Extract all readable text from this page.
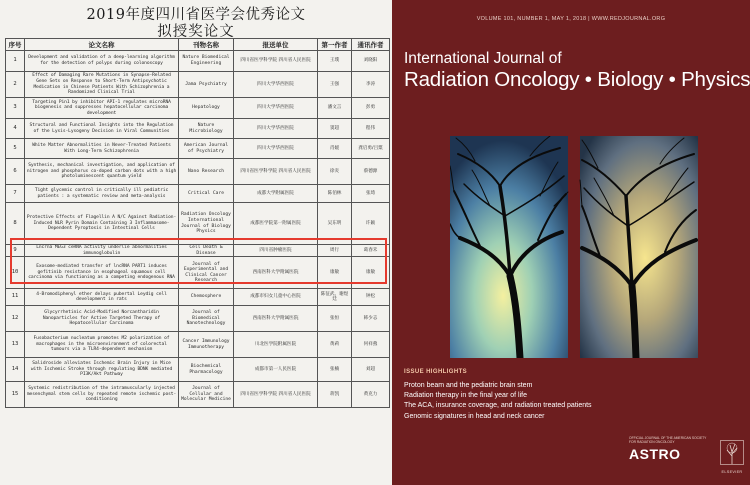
2019年度四川省医学会优秀论文
拟授奖论文
序号	论文名称	刊物名称	报送单位	第一作者	通讯作者
1	Development and validation of a deep-learning algorithm for the detection of polyps during colonoscopy	Nature Biomedical Engineering	四川省医学科学院 四川省人民医院	王璞	刘晓阳
2	Effect of Damaging Rare Mutations in Synapse-Related Gene Sets on Response to Short-Term Antipsychotic Medication in Chinese Patients With Schizophrenia a Randomized Clinical Trial	Jama Psychiatry	四川大学华西医院	王强	李涛
3	Targeting Pin1 by inhibitor API-1 regulates microRNA biogenesis and suppresses hepatocellular carcinoma development	Hepatology	四川大学华西医院	潘文言	彭勇
4	Structural and Functional Insights into the Regulation of the Lysis-Lysogeny Decision in Viral Communities	Nature Microbiology	四川大学华西医院	窦超	程伟
5	White Matter Abnormalities in Never-Treated Patients With Long-Term Schizophrenia	American Journal of Psychiatry	四川大学华西医院	肖媛	龚启勇/吕粟
6	Synthesis, mechanical investigation, and application of nitrogen and phosphorus co-doped carbon dots with a high photoluminescent quantum yield	Nano Research	四川省医学科学院 四川省人民医院	徐炎	蔡德源
7	Tight glycemic control in critically ill pediatric patients : a systematic review and meta-analysis	Critical Care	成都大学附属医院	陈佰林	张琦
8	Protective Effects of Flagellin A N/C Against Radiation-Induced NLR Pyrin Domain Containing 3 Inflammasome-Dependent Pyroptosis in Intestinal Cells	Radiation Oncology International Journal of Biology Physics	成都医学院第一附属医院	吴东明	许颖
9	Lncrna MEG3 ceRNA activity underlie abnormalities immunoglobulin	Cell Death & Disease	四川省肿瘤医院	周行	葛春禾
10	Exosome-mediated transfer of lncRNA PART1 induces gefitinib resistance in esophageal squamous cell carcinoma via functioning as a competing endogenous RNA	Journal of Experimental and Clinical Cancer Research	西南医科大学附属医院	康敏	康敏
11	4-Bromodiphenyl ether delays pubertal Leydig cell development in rats	Chemosphere	成都市妇女儿童中心医院	陈征武、谢煜廷	钟松
12	Glycyrrhetinic Acid-Modified Norcantharidin Nanoparticles for Active Targeted Therapy of Hepatocellular Carcinoma	Journal of Biomedical Nanotechnology	西南医科大学附属医院	张恒	韩少志
13	Fusobacterium nucleatum promotes M2 polarization of macrophages in the microenvironment of colorectal tumours via a TLR4-dependent mechanism	Cancer Immunology Immunotherapy	川北医学院附属医院	黄莉	何祥燕
14	Salidroside alleviates Ischemic Brain Injury in Mice with Ischemic Stroke through regulating BDNK mediated PI3K/Akt Pathway	Biochemical Pharmacology	成都市第一人民医院	张楠	刘超
15	Systemic redistribution of the intramuscularly injected mesenchymal stem cells by repeated remote ischemic post-conditioning	Journal of Cellular and Molecular Medicine	四川省医学科学院 四川省人民医院	蒋凯	黄克力
VOLUME 101, NUMBER 1, MAY 1, 2018 | WWW.REDJOURNAL.ORG
International Journal of
Radiation Oncology • Biology • Physics
ISSUE HIGHLIGHTS
Proton beam and the pediatric brain stem
Radiation therapy in the final year of life
The ACA, insurance coverage, and radiation treated patients
Genomic signatures in head and neck cancer
OFFICIAL JOURNAL OF THE AMERICAN SOCIETY FOR RADIATION ONCOLOGY
ASTRO
ELSEVIER
